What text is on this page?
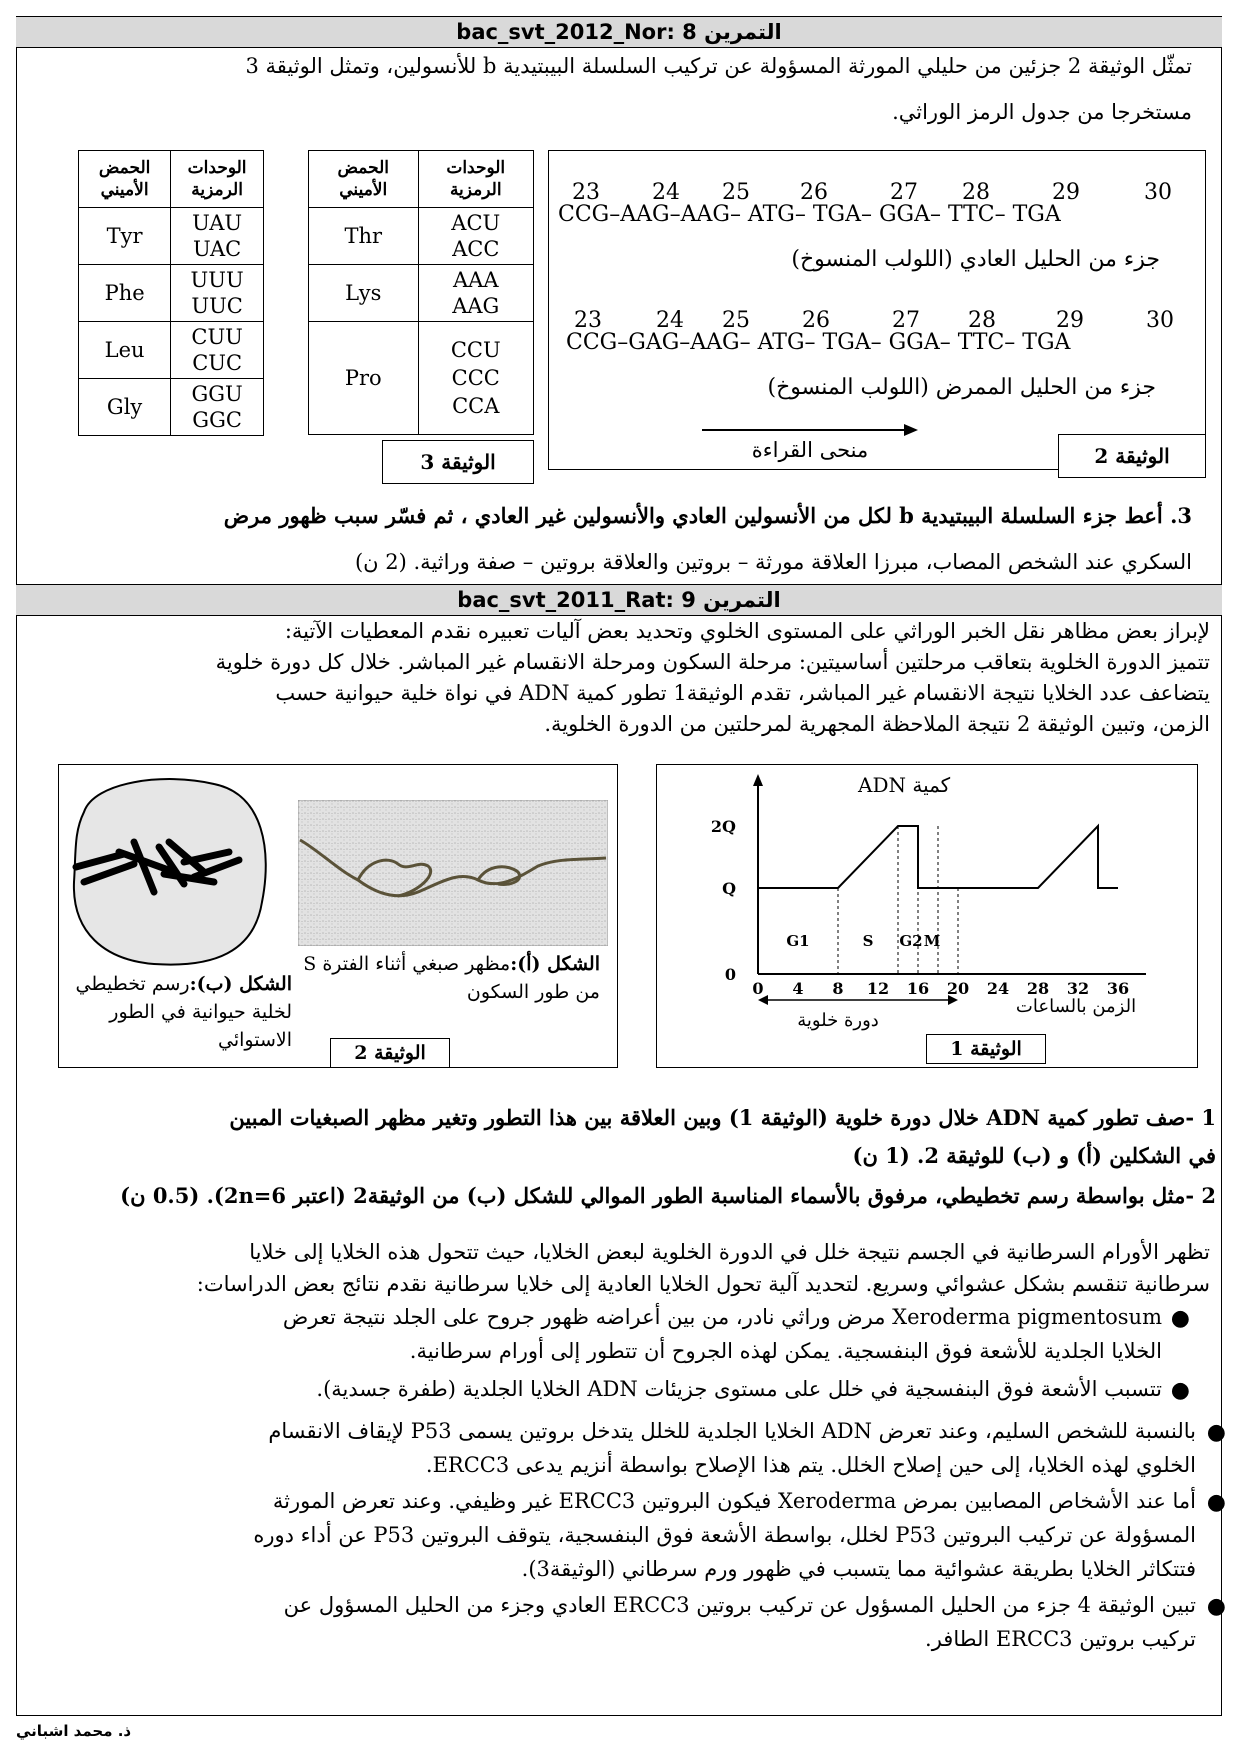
bac_svt_2012_Nor: 8 التمرين
تمثّل الوثيقة 2 جزئين من حليلي المورثة المسؤولة عن تركيب السلسلة البيبتيدية b للأنسولين، وتمثل الوثيقة 3
مستخرجا من جدول الرمز الوراثي.
الوحدات الرمزية	الحمض الأميني
UAU
UAC	Tyr
UUU
UUC	Phe
CUU
CUC	Leu
GGU
GGC	Gly
الوحدات الرمزية	الحمض الأميني
ACU
ACC	Thr
AAA
AAG	Lys
CCU
CCC
CCA	Pro
الوثيقة 3
23 24 25 26	27 28	29	30
CCG–AAG–AAG– ATG– TGA– GGA– TTC– TGA
جزء من الحليل العادي (اللولب المنسوخ)
23 24 25 26	27 28	29	30
CCG–GAG–AAG– ATG– TGA– GGA– TTC– TGA
جزء من الحليل الممرض (اللولب المنسوخ)
منحى القراءة	الوثيقة 2
3. أعط جزء السلسلة البيبتيدية b لكل من الأنسولين العادي والأنسولين غير العادي ، ثم فسّر سبب ظهور مرض
السكري عند الشخص المصاب، مبرزا العلاقة مورثة – بروتين والعلاقة بروتين – صفة وراثية. (2 ن)
bac_svt_2011_Rat: 9 التمرين
لإبراز بعض مظاهر نقل الخبر الوراثي على المستوى الخلوي وتحديد بعض آليات تعبيره نقدم المعطيات الآتية:
تتميز الدورة الخلوية بتعاقب مرحلتين أساسيتين: مرحلة السكون ومرحلة الانقسام غير المباشر. خلال كل دورة خلوية
يتضاعف عدد الخلايا نتيجة الانقسام غير المباشر، تقدم الوثيقة1 تطور كمية ADN في نواة خلية حيوانية حسب
الزمن، وتبين الوثيقة 2 نتيجة الملاحظة المجهرية لمرحلتين من الدورة الخلوية.
الشكل (ب):رسم تخطيطي لخلية حيوانية في الطور الاستوائي
الشكل (أ):مظهر صبغي أثناء الفترة S من طور السكون
الوثيقة 2
0
Q
2Q
0 4 8 12 16 20 24 28 32 36
G1	S G2 M
كمية ADN
الزمن بالساعات
دورة خلوية
الوثيقة 1
1 -صف تطور كمية ADN خلال دورة خلوية (الوثيقة 1) وبين العلاقة بين هذا التطور وتغير مظهر الصبغيات المبين
في الشكلين (أ) و (ب) للوثيقة 2. (1 ن)
2 -مثل بواسطة رسم تخطيطي، مرفوق بالأسماء المناسبة الطور الموالي للشكل (ب) من الوثيقة2 (اعتبر 2n=6). (0.5 ن)
تظهر الأورام السرطانية في الجسم نتيجة خلل في الدورة الخلوية لبعض الخلايا، حيث تتحول هذه الخلايا إلى خلايا
سرطانية تنقسم بشكل عشوائي وسريع. لتحديد آلية تحول الخلايا العادية إلى خلايا سرطانية نقدم نتائج بعض الدراسات:
●
Xeroderma pigmentosum مرض وراثي نادر، من بين أعراضه ظهور جروح على الجلد نتيجة تعرض
الخلايا الجلدية للأشعة فوق البنفسجية. يمكن لهذه الجروح أن تتطور إلى أورام سرطانية.
●
تتسبب الأشعة فوق البنفسجية في خلل على مستوى جزيئات ADN الخلايا الجلدية (طفرة جسدية).
●
بالنسبة للشخص السليم، وعند تعرض ADN الخلايا الجلدية للخلل يتدخل بروتين يسمى P53 لإيقاف الانقسام
الخلوي لهذه الخلايا، إلى حين إصلاح الخلل. يتم هذا الإصلاح بواسطة أنزيم يدعى ERCC3.
●
أما عند الأشخاص المصابين بمرض Xeroderma فيكون البروتين ERCC3 غير وظيفي. وعند تعرض المورثة
المسؤولة عن تركيب البروتين P53 لخلل، بواسطة الأشعة فوق البنفسجية، يتوقف البروتين P53 عن أداء دوره
فتتكاثر الخلايا بطريقة عشوائية مما يتسبب في ظهور ورم سرطاني (الوثيقة3).
●
تبين الوثيقة 4 جزء من الحليل المسؤول عن تركيب بروتين ERCC3 العادي وجزء من الحليل المسؤول عن
تركيب بروتين ERCC3 الطافر.
ذ. محمد اشباني
